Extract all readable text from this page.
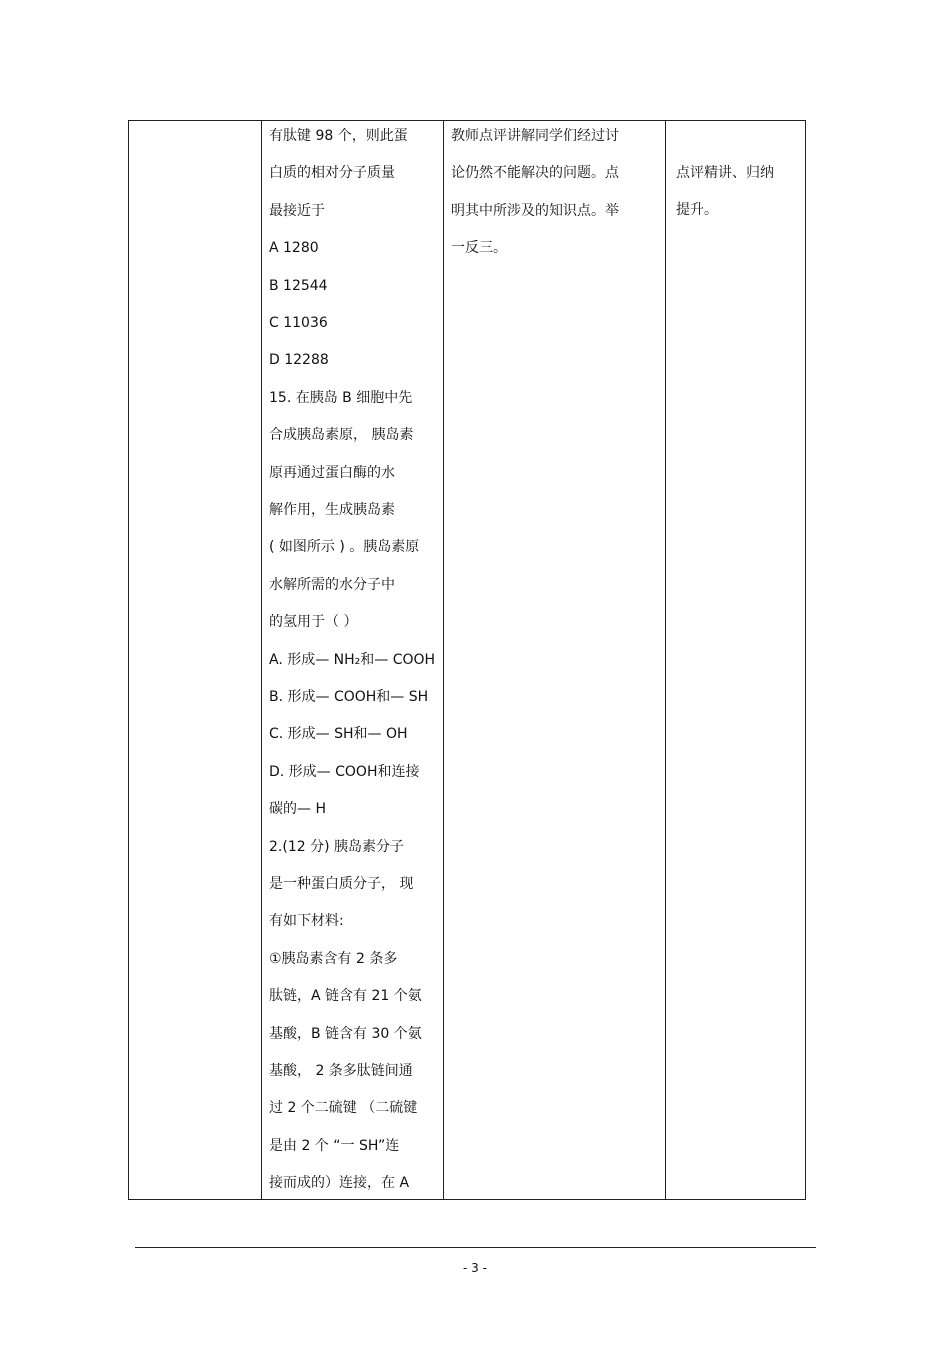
有肽键 98 个，则此蛋
白质的相对分子质量
最接近于
A 1280
B 12544
C 11036
D 12288
15. 在胰岛 B 细胞中先
合成胰岛素原， 胰岛素
原再通过蛋白酶的水
解作用，生成胰岛素
( 如图所示 ) 。胰岛素原
水解所需的水分子中
的氢用于（ ）
A. 形成— NH₂和— COOH
B. 形成— COOH和— SH
C. 形成— SH和— OH
D. 形成— COOH和连接
碳的— H
2.(12 分) 胰岛素分子
是一种蛋白质分子， 现
有如下材料:
①胰岛素含有 2 条多
肽链，A 链含有 21 个氨
基酸，B 链含有 30 个氨
基酸， 2 条多肽链间通
过 2 个二硫键 （二硫键
是由 2 个 “一 SH”连
接而成的）连接，在 A
教师点评讲解同学们经过讨
论仍然不能解决的问题。点
明其中所涉及的知识点。举
一反三。
点评精讲、归纳
提升。
- 3 -
